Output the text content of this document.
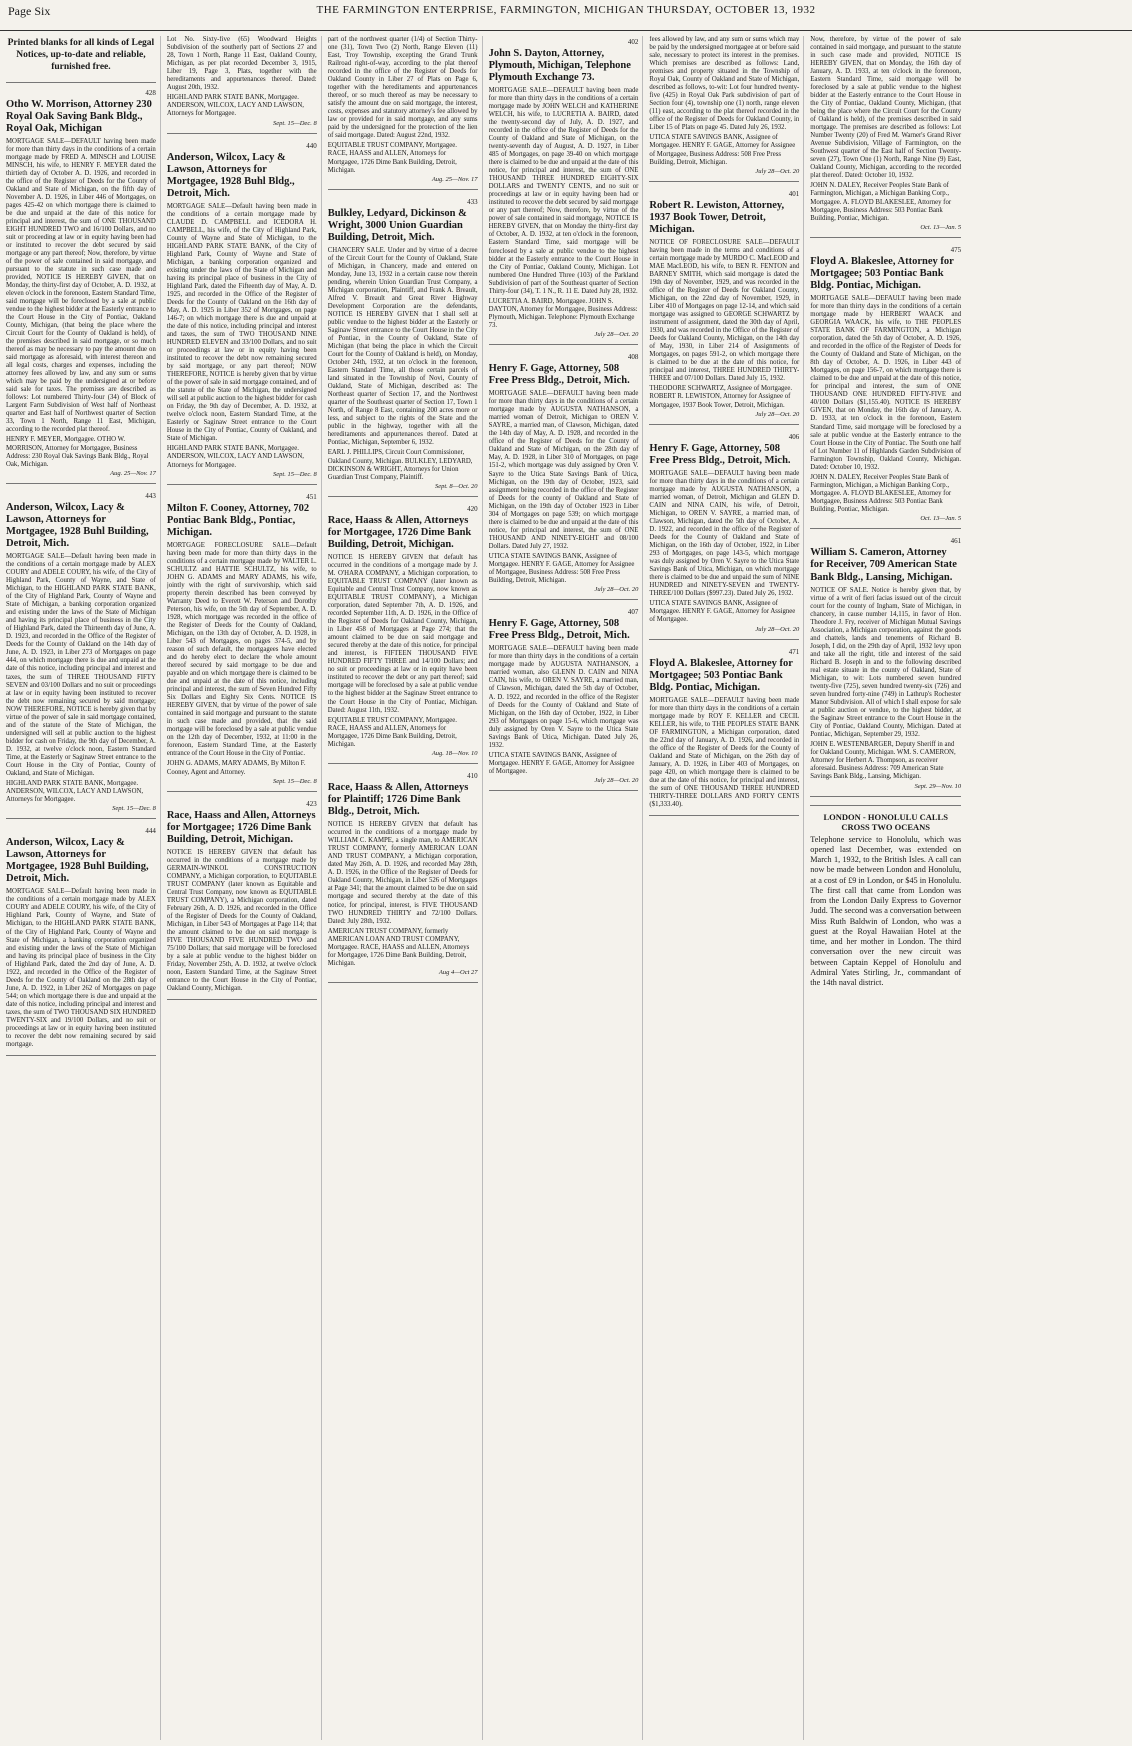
Page Six	THE FARMINGTON ENTERPRISE, FARMINGTON, MICHIGAN THURSDAY, OCTOBER 13, 1932
Printed blanks for all kinds of Legal Notices, up-to-date and reliable, furnished free.
428
Otho W. Morrison, Attorney 230 Royal Oak Saving Bank Bldg., Royal Oak, Michigan

MORTGAGE SALE—DEFAULT having been made for more than thirty days in the conditions of a certain mortgage made by FRED A. MINSCH and LOUISE MINSCH, his wife, to HENRY F. MEYER dated the thirtieth day of October A. D. 1926, and recorded in the office of the Register of Deeds for the County of Oakland and State of Michigan, on the fifth day of November A. D. 1926, in Liber 446 of Mortgages, on pages 425-42 on which mortgage there is claimed to be due and unpaid at the date of this notice for principal and interest, the sum of ONE THOUSAND EIGHT HUNDRED TWO and 16/100 Dollars, and no suit or proceeding at law or in equity having been had or instituted to recover the debt secured by said mortgage or any part thereof; Now, therefore, by virtue of the power of sale contained in said mortgage, and pursuant to the statute in such case made and provided, NOTICE IS HEREBY GIVEN, that on Monday, the thirty-first day of October, A. D. 1932, at eleven o'clock in the forenoon, Eastern Standard Time, said mortgage will be foreclosed by a sale at public vendue to the highest bidder at the Easterly entrance to the Court House in the City of Pontiac, Oakland County, Michigan, (that being the place where the Circuit Court for the County of Oakland is held), of the premises described in said mortgage, or so much thereof as may be necessary to pay the amount due on said mortgage as aforesaid, with interest thereon and all legal costs, charges and expenses, including the attorney fees allowed by law, and any sum or sums which may be paid by the undersigned at or before said sale for taxes. The premises are described as follows: Lot numbered Thirty-four (34) of Block of Largent Farm Subdivision of West half of Northeast quarter and East half of Northwest quarter of Section 33, Town 1 North, Range 11 East, Michigan, according to the recorded plat thereof.

HENRY F. MEYER, Mortgagee. OTHO W. MORRISON, Attorney for Mortgagee, Business Address: 230 Royal Oak Savings Bank Bldg., Royal Oak, Michigan.
Aug. 25—Nov. 17
443
Anderson, Wilcox, Lacy & Lawson, Attorneys for Mortgagee, 1928 Buhl Building, Detroit, Mich.

MORTGAGE SALE—Default having been made in the conditions of a certain mortgage made by ALEX COURY and ADELE COURY, his wife, of the City of Highland Park, County of Wayne, and State of Michigan, to the HIGHLAND PARK STATE BANK, of the City of Highland Park, County of Wayne and State of Michigan, a banking corporation organized and existing under the laws of the State of Michigan and having its principal place of business in the City of Highland Park, dated the Thirteenth day of June, A. D. 1923, and recorded in the Office of the Register of Deeds for the County of Oakland on the 14th day of June, A. D. 1923, in Liber 273 of Mortgages on page 444, on which mortgage there is due and unpaid at the date of this notice, including principal and interest and taxes, the sum of THREE THOUSAND FIFTY SEVEN and 03/100 Dollars and no suit or proceedings at law or in equity having been instituted to recover the debt now remaining secured by said mortgage; NOW THEREFORE, NOTICE is hereby given that by virtue of the power of sale in said mortgage contained, and of the statute of the State of Michigan, the undersigned will sell at public auction to the highest bidder for cash on Friday, the 9th day of December, A. D. 1932, at twelve o'clock noon, Eastern Standard Time, at the Easterly or Saginaw Street entrance to the Court House in the City of Pontiac, County of Oakland, and State of Michigan.

HIGHLAND PARK STATE BANK, Mortgagee. ANDERSON, WILCOX, LACY AND LAWSON, Attorneys for Mortgagee.
Sept. 15—Dec. 8
444
Anderson, Wilcox, Lacy & Lawson, Attorneys for Mortgagee, 1928 Buhl Building, Detroit, Mich.

MORTGAGE SALE—Default having been made in the conditions of a certain mortgage made by ALEX COURY and ADELE COURY, his wife, of the City of Highland Park, County of Wayne, and State of Michigan, to the HIGHLAND PARK STATE BANK, of the City of Highland Park, County of Wayne and State of Michigan, a banking corporation organized and existing under the laws of the State of Michigan and having its principal place of business in the City of Highland Park, dated the 2nd day of June, A. D. 1922, and recorded in the Office of the Register of Deeds for the County of Oakland on the 28th day of June, A. D. 1922, in Liber 262 of Mortgages on page 544; on which mortgage there is due and unpaid at the date of this notice, including principal and interest and taxes, the sum of TWO THOUSAND SIX HUNDRED TWENTY-SIX and 19/100 Dollars, and no suit or proceedings at law or in equity having been instituted to recover the debt now remaining secured by said mortgage.

Lot No. Sixty-five (65) Woodward Heights Subdivision of the southerly part of Sections 27 and 28, Town 1 North, Range 11 East, Oakland County, Michigan, as per plat recorded December 3, 1915, Liber 19, Page 3, Plats, together with the hereditaments and appurtenances thereof. Dated: August 20th, 1932.

HIGHLAND PARK STATE BANK, Mortgagee. ANDERSON, WILCOX, LACY AND LAWSON, Attorneys for Mortgagee.
Sept. 15—Dec. 8
440
Anderson, Wilcox, Lacy & Lawson, Attorneys for Mortgagee, 1928 Buhl Bldg., Detroit, Mich.

MORTGAGE SALE—Default having been made in the conditions of a certain mortgage made by CLAUDE D. CAMPBELL and ICEDORA H. CAMPBELL, his wife, of the City of Highland Park, County of Wayne and State of Michigan, to the HIGHLAND PARK STATE BANK, of the City of Highland Park, County of Wayne and State of Michigan, a banking corporation organized and existing under the laws of the State of Michigan and having its principal place of business in the City of Highland Park, dated the Fifteenth day of May, A. D. 1925, and recorded in the Office of the Register of Deeds for the County of Oakland on the 16th day of May, A. D. 1925 in Liber 352 of Mortgages, on page 146-7; on which mortgage there is due and unpaid at the date of this notice, including principal and interest and taxes, the sum of TWO THOUSAND NINE HUNDRED ELEVEN and 33/100 Dollars, and no suit or proceedings at law or in equity having been instituted to recover the debt now remaining secured by said mortgage, or any part thereof; NOW THEREFORE, NOTICE is hereby given that by virtue of the power of sale in said mortgage contained, and of the statute of the State of Michigan, the undersigned will sell at public auction to the highest bidder for cash on Friday, the 9th day of December, A. D. 1932, at twelve o'clock noon, Eastern Standard Time, at the Easterly or Saginaw Street entrance to the Court House in the City of Pontiac, County of Oakland, and State of Michigan.

HIGHLAND PARK STATE BANK, Mortgagee. ANDERSON, WILCOX, LACY AND LAWSON, Attorneys for Mortgagee.
Sept. 15—Dec. 8
451
Milton F. Cooney, Attorney, 702 Pontiac Bank Bldg., Pontiac, Michigan.

MORTGAGE FORECLOSURE SALE—Default having been made for more than thirty days in the conditions of a certain mortgage made by WALTER L. SCHULTZ and HATTIE SCHULTZ, his wife, to JOHN G. ADAMS and MARY ADAMS, his wife, jointly with the right of survivorship, which said property therein described has been conveyed by Warranty Deed to Everett W. Peterson and Dorothy Peterson, his wife, on the 5th day of September, A. D. 1928, which mortgage was recorded in the office of the Register of Deeds for the County of Oakland, Michigan, on the 13th day of October, A. D. 1928, in Liber 543 of Mortgages, on pages 374-5, and by reason of such default, the mortgagees have elected and do hereby elect to declare the whole amount thereof secured by said mortgage to be due and payable and on which mortgage there is claimed to be due and unpaid at the date of this notice, including principal and interest, the sum of Seven Hundred Fifty Six Dollars and Eighty Six Cents. NOTICE IS HEREBY GIVEN, that by virtue of the power of sale contained in said mortgage and pursuant to the statute in such case made and provided, that the said mortgage will be foreclosed by a sale at public vendue on the 12th day of December, 1932, at 11:00 in the forenoon, Eastern Standard Time, at the Easterly entrance of the Court House in the City of Pontiac.

JOHN G. ADAMS, MARY ADAMS, By Milton F. Cooney, Agent and Attorney.
Sept. 15—Dec. 8
423
Race, Haass and Allen, Attorneys for Mortgagee; 1726 Dime Bank Building, Detroit, Michigan.

NOTICE IS HEREBY GIVEN that default has occurred in the conditions of a mortgage made by GERMAIN-WINKOL CONSTRUCTION COMPANY, a Michigan corporation, to EQUITABLE TRUST COMPANY (later known as Equitable and Central Trust Company, now known as EQUITABLE TRUST COMPANY), a Michigan corporation, dated February 26th, A. D. 1926, and recorded in the Office of the Register of Deeds for the County of Oakland, Michigan, in Liber 543 of Mortgages at Page 114; that the amount claimed to be due on said mortgage is FIVE THOUSAND FIVE HUNDRED TWO and 75/100 Dollars; that said mortgage will be foreclosed by a sale at public vendue to the highest bidder on Friday, November 25th, A. D. 1932, at twelve o'clock noon, Eastern Standard Time, at the Saginaw Street entrance to the Court House in the City of Pontiac, Oakland County, Michigan.

part of the northwest quarter (1/4) of Section Thirty-one (31), Town Two (2) North, Range Eleven (11) East, Troy Township, excepting the Grand Trunk Railroad right-of-way, according to the plat thereof recorded in the office of the Register of Deeds for Oakland County in Liber 27 of Plats on Page 6, together with the hereditaments and appurtenances thereof, or so much thereof as may be necessary to satisfy the amount due on said mortgage, the interest, costs, expenses and statutory attorney's fee allowed by law or provided for in said mortgage, and any sums paid by the undersigned for the protection of the lien of said mortgage. Dated: August 22nd, 1932.

EQUITABLE TRUST COMPANY, Mortgagee. RACE, HAASS and ALLEN, Attorneys for Mortgagee, 1726 Dime Bank Building, Detroit, Michigan.
Aug. 25—Nov. 17
433
Bulkley, Ledyard, Dickinson & Wright, 3000 Union Guardian Building, Detroit, Mich.

CHANCERY SALE. Under and by virtue of a decree of the Circuit Court for the County of Oakland, State of Michigan, in Chancery, made and entered on Monday, June 13, 1932 in a certain cause now therein pending, wherein Union Guardian Trust Company, a Michigan corporation, Plaintiff, and Frank A. Breault, Alfred V. Breault and Great River Highway Development Corporation are the defendants, NOTICE IS HEREBY GIVEN that I shall sell at public vendue to the highest bidder at the Easterly or Saginaw Street entrance to the Court House in the City of Pontiac, in the County of Oakland, State of Michigan (that being the place in which the Circuit Court for the County of Oakland is held), on Monday, October 24th, 1932, at ten o'clock in the forenoon, Eastern Standard Time, all those certain parcels of land situated in the Township of Novi, County of Oakland, State of Michigan, described as: The Northeast quarter of Section 17, and the Northwest quarter of the Southeast quarter of Section 17, Town 1 North, of Range 8 East, containing 200 acres more or less, and subject to the rights of the State and the public in the highway, together with all the hereditaments and appurtenances thereof. Dated at Pontiac, Michigan, September 6, 1932.

EARL J. PHILLIPS, Circuit Court Commissioner, Oakland County, Michigan. BULKLEY, LEDYARD, DICKINSON & WRIGHT, Attorneys for Union Guardian Trust Company, Plaintiff.
Sept. 8—Oct. 20
420
Race, Haass & Allen, Attorneys for Mortgagee, 1726 Dime Bank Building, Detroit, Michigan.

NOTICE IS HEREBY GIVEN that default has occurred in the conditions of a mortgage made by J. M. O'HARA COMPANY, a Michigan corporation, to EQUITABLE TRUST COMPANY (later known as Equitable and Central Trust Company, now known as EQUITABLE TRUST COMPANY), a Michigan corporation, dated September 7th, A. D. 1926, and recorded September 11th, A. D. 1926, in the Office of the Register of Deeds for Oakland County, Michigan, in Liber 458 of Mortgages at Page 274; that the amount claimed to be due on said mortgage and secured thereby at the date of this notice, for principal and interest, is FIFTEEN THOUSAND FIVE HUNDRED FIFTY THREE and 14/100 Dollars; and no suit or proceedings at law or in equity have been instituted to recover the debt or any part thereof; said mortgage will be foreclosed by a sale at public vendue to the highest bidder at the Saginaw Street entrance to the Court House in the City of Pontiac, Michigan. Dated: August 11th, 1932.

EQUITABLE TRUST COMPANY, Mortgagee. RACE, HAASS and ALLEN, Attorneys for Mortgagee, 1726 Dime Bank Building, Detroit, Michigan.
Aug. 18—Nov. 10
410
Race, Haass & Allen, Attorneys for Plaintiff; 1726 Dime Bank Bldg., Detroit, Mich.

NOTICE IS HEREBY GIVEN that default has occurred in the conditions of a mortgage made by WILLIAM C. KAMPE, a single man, to AMERICAN TRUST COMPANY, formerly AMERICAN LOAN AND TRUST COMPANY, a Michigan corporation, dated May 26th, A. D. 1926, and recorded May 28th, A. D. 1926, in the Office of the Register of Deeds for Oakland County, Michigan, in Liber 526 of Mortgages at Page 341; that the amount claimed to be due on said mortgage and secured thereby at the date of this notice, for principal, interest, is FIVE THOUSAND TWO HUNDRED THIRTY and 72/100 Dollars. Dated: July 28th, 1932.

AMERICAN TRUST COMPANY, formerly AMERICAN LOAN AND TRUST COMPANY, Mortgagee. RACE, HAASS and ALLEN, Attorneys for Mortgagee, 1726 Dime Bank Building, Detroit, Michigan.
Aug 4—Oct 27
402
John S. Dayton, Attorney, Plymouth, Michigan, Telephone Plymouth Exchange 73.

MORTGAGE SALE—DEFAULT having been made for more than thirty days in the conditions of a certain mortgage made by JOHN WELCH and KATHERINE WELCH, his wife, to LUCRETIA A. BAIRD, dated the twenty-second day of July, A. D. 1927, and recorded in the office of the Register of Deeds for the County of Oakland and State of Michigan, on the twenty-seventh day of August, A. D. 1927, in Liber 485 of Mortgages, on page 39-40 on which mortgage there is claimed to be due and unpaid at the date of this notice, for principal and interest, the sum of ONE THOUSAND THREE HUNDRED EIGHTY-SIX DOLLARS and TWENTY CENTS, and no suit or proceedings at law or in equity having been had or instituted to recover the debt secured by said mortgage or any part thereof; Now, therefore, by virtue of the power of sale contained in said mortgage, NOTICE IS HEREBY GIVEN, that on Monday the thirty-first day of October, A. D. 1932, at ten o'clock in the forenoon, Eastern Standard Time, said mortgage will be foreclosed by a sale at public vendue to the highest bidder at the Easterly entrance to the Court House in the City of Pontiac, Oakland County, Michigan. Lot numbered One Hundred Three (103) of the Parkland Subdivision of part of the Southeast quarter of Section Thirty-four (34), T. 1 N., R. 11 E. Dated July 28, 1932.

LUCRETIA A. BAIRD, Mortgagee. JOHN S. DAYTON, Attorney for Mortgagee, Business Address: Plymouth, Michigan. Telephone: Plymouth Exchange 73.
July 28—Oct. 20
408
Henry F. Gage, Attorney, 508 Free Press Bldg., Detroit, Mich.

MORTGAGE SALE—DEFAULT having been made for more than thirty days in the conditions of a certain mortgage made by AUGUSTA NATHANSON, a married woman of Detroit, Michigan to OREN V. SAYRE, a married man, of Clawson, Michigan, dated the 14th day of May, A. D. 1928, and recorded in the office of the Register of Deeds for the County of Oakland and State of Michigan, on the 28th day of May, A. D. 1928, in Liber 310 of Mortgages, on page 151-2, which mortgage was duly assigned by Oren V. Sayre to the Utica State Savings Bank of Utica, Michigan, on the 19th day of October, 1923, said assignment being recorded in the office of the Register of Deeds for the county of Oakland and State of Michigan, on the 19th day of October 1923 in Liber 304 of Mortgages on page 539; on which mortgage there is claimed to be due and unpaid at the date of this notice, for principal and interest, the sum of ONE THOUSAND AND NINETY-EIGHT and 08/100 Dollars. Dated July 27, 1932.

UTICA STATE SAVINGS BANK, Assignee of Mortgagee. HENRY F. GAGE, Attorney for Assignee of Mortgagee, Business Address: 508 Free Press Building, Detroit, Michigan.
July 28—Oct. 20
407
Henry F. Gage, Attorney, 508 Free Press Bldg., Detroit, Mich.

MORTGAGE SALE—DEFAULT having been made for more than thirty days in the conditions of a certain mortgage made by AUGUSTA NATHANSON, a married woman, also GLENN D. CAIN and NINA CAIN, his wife, to OREN V. SAYRE, a married man, of Clawson, Michigan, dated the 5th day of October, A. D. 1922, and recorded in the office of the Register of Deeds for the County of Oakland and State of Michigan, on the 16th day of October, 1922, in Liber 293 of Mortgages on page 15-6, which mortgage was duly assigned by Oren V. Sayre to the Utica State Savings Bank of Utica, Michigan. Dated July 26, 1932.

UTICA STATE SAVINGS BANK, Assignee of Mortgagee. HENRY F. GAGE, Attorney for Assignee of Mortgagee.
July 28—Oct. 20

fees allowed by law, and any sum or sums which may be paid by the undersigned mortgagee at or before said sale, necessary to protect its interest in the premises. Which premises are described as follows: Land, premises and property situated in the Township of Royal Oak, County of Oakland and State of Michigan, described as follows, to-wit: Lot four hundred twenty-five (425) in Royal Oak Park subdivision of part of Section four (4), township one (1) north, range eleven (11) east, according to the plat thereof recorded in the office of the Register of Deeds for Oakland County, in Liber 15 of Plats on page 45. Dated July 26, 1932.

UTICA STATE SAVINGS BANK, Assignee of Mortgagee. HENRY F. GAGE, Attorney for Assignee of Mortgagee, Business Address: 508 Free Press Building, Detroit, Michigan.
July 28—Oct. 20
401
Robert R. Lewiston, Attorney, 1937 Book Tower, Detroit, Michigan.

NOTICE OF FORECLOSURE SALE—DEFAULT having been made in the terms and conditions of a certain mortgage made by MURDO C. MacLEOD and MAE MacLEOD, his wife, to BEN R. FENTON and BARNEY SMITH, which said mortgage is dated the 19th day of November, 1929, and was recorded in the office of the Register of Deeds for Oakland County, Michigan, on the 22nd day of November, 1929, in Liber 410 of Mortgages on page 12-14, and which said mortgage was assigned to GEORGE SCHWARTZ by instrument of assignment, dated the 30th day of April, 1930, and was recorded in the Office of the Register of Deeds for Oakland County, Michigan, on the 14th day of May, 1930, in Liber 214 of Assignments of Mortgages, on pages 591-2, on which mortgage there is claimed to be due at the date of this notice, for principal and interest, THREE HUNDRED THIRTY-THREE and 07/100 Dollars. Dated July 15, 1932.

THEODORE SCHWARTZ, Assignee of Mortgagee. ROBERT R. LEWISTON, Attorney for Assignee of Mortgagee, 1937 Book Tower, Detroit, Michigan.
July 28—Oct. 20
406
Henry F. Gage, Attorney, 508 Free Press Bldg., Detroit, Mich.

MORTGAGE SALE—DEFAULT having been made for more than thirty days in the conditions of a certain mortgage made by AUGUSTA NATHANSON, a married woman, of Detroit, Michigan and GLEN D. CAIN and NINA CAIN, his wife, of Detroit, Michigan, to OREN V. SAYRE, a married man, of Clawson, Michigan, dated the 5th day of October, A. D. 1922, and recorded in the office of the Register of Deeds for the County of Oakland and State of Michigan, on the 16th day of October, 1922, in Liber 293 of Mortgages, on page 143-5, which mortgage was duly assigned by Oren V. Sayre to the Utica State Savings Bank of Utica, Michigan, on which mortgage there is claimed to be due and unpaid the sum of NINE HUNDRED and NINETY-SEVEN and TWENTY-THREE/100 Dollars ($997.23). Dated July 26, 1932.

UTICA STATE SAVINGS BANK, Assignee of Mortgagee. HENRY F. GAGE, Attorney for Assignee of Mortgagee.
July 28—Oct. 20
471
Floyd A. Blakeslee, Attorney for Mortgagee; 503 Pontiac Bank Bldg. Pontiac, Michigan.

MORTGAGE SALE—DEFAULT having been made for more than thirty days in the conditions of a certain mortgage made by ROY F. KELLER and CECIL KELLER, his wife, to THE PEOPLES STATE BANK OF FARMINGTON, a Michigan corporation, dated the 22nd day of January, A. D. 1926, and recorded in the office of the Register of Deeds for the County of Oakland and State of Michigan, on the 26th day of January, A. D. 1926, in Liber 403 of Mortgages, on page 420, on which mortgage there is claimed to be due at the date of this notice, for principal and interest, the sum of ONE THOUSAND THREE HUNDRED THIRTY-THREE DOLLARS AND FORTY CENTS ($1,333.40).

Now, therefore, by virtue of the power of sale contained in said mortgage, and pursuant to the statute in such case made and provided, NOTICE IS HEREBY GIVEN, that on Monday, the 16th day of January, A. D. 1933, at ten o'clock in the forenoon, Eastern Standard Time, said mortgage will be foreclosed by a sale at public vendue to the highest bidder at the Easterly entrance to the Court House in the City of Pontiac, Oakland County, Michigan, (that being the place where the Circuit Court for the County of Oakland is held), of the premises described in said mortgage. The premises are described as follows: Lot Number Twenty (20) of Fred M. Warner's Grand River Avenue Subdivision, Village of Farmington, on the Southwest quarter of the East half of Section Twenty-seven (27), Town One (1) North, Range Nine (9) East, Oakland County, Michigan, according to the recorded plat thereof. Dated: October 10, 1932.

JOHN N. DALEY, Receiver Peoples State Bank of Farmington, Michigan, a Michigan Banking Corp., Mortgagee. A. FLOYD BLAKESLEE, Attorney for Mortgagee, Business Address: 503 Pontiac Bank Building, Pontiac, Michigan.
Oct. 13—Jan. 5
475
Floyd A. Blakeslee, Attorney for Mortgagee; 503 Pontiac Bank Bldg. Pontiac, Michigan.

MORTGAGE SALE—DEFAULT having been made for more than thirty days in the conditions of a certain mortgage made by HERBERT WAACK and GEORGIA WAACK, his wife, to THE PEOPLES STATE BANK OF FARMINGTON, a Michigan corporation, dated the 5th day of October, A. D. 1926, and recorded in the office of the Register of Deeds for the County of Oakland and State of Michigan, on the 8th day of October, A. D. 1926, in Liber 443 of Mortgages, on page 156-7, on which mortgage there is claimed to be due and unpaid at the date of this notice, for principal and interest, the sum of ONE THOUSAND ONE HUNDRED FIFTY-FIVE and 40/100 Dollars ($1,155.40). NOTICE IS HEREBY GIVEN, that on Monday, the 16th day of January, A. D. 1933, at ten o'clock in the forenoon, Eastern Standard Time, said mortgage will be foreclosed by a sale at public vendue at the Easterly entrance to the Court House in the City of Pontiac. The South one half of Lot Number 11 of Highlands Garden Subdivision of Farmington Township, Oakland County, Michigan. Dated: October 10, 1932.

JOHN N. DALEY, Receiver Peoples State Bank of Farmington, Michigan, a Michigan Banking Corp., Mortgagee. A. FLOYD BLAKESLEE, Attorney for Mortgagee, Business Address: 503 Pontiac Bank Building, Pontiac, Michigan.
Oct. 13—Jan. 5
461
William S. Cameron, Attorney for Receiver, 709 American State Bank Bldg., Lansing, Michigan.

NOTICE OF SALE. Notice is hereby given that, by virtue of a writ of fieri facias issued out of the circuit court for the county of Ingham, State of Michigan, in chancery, in cause number 14,115, in favor of Hon. Theodore J. Fry, receiver of Michigan Mutual Savings Association, a Michigan corporation, against the goods and chattels, lands and tenements of Richard B. Joseph, I did, on the 29th day of April, 1932 levy upon and take all the right, title and interest of the said Richard B. Joseph in and to the following described real estate situate in the county of Oakland, State of Michigan, to wit: Lots numbered seven hundred twenty-five (725), seven hundred twenty-six (726) and seven hundred forty-nine (749) in Lathrup's Rochester Manor Subdivision. All of which I shall expose for sale at public auction or vendue, to the highest bidder, at the Saginaw Street entrance to the Court House in the City of Pontiac, Oakland County, Michigan. Dated at Pontiac, Michigan, September 29, 1932.

JOHN E. WESTENBARGER, Deputy Sheriff in and for Oakland County, Michigan. WM. S. CAMERON, Attorney for Herbert A. Thompson, as receiver aforesaid. Business Address: 709 American State Savings Bank Bldg., Lansing, Michigan.
Sept. 29—Nov. 10
LONDON - HONOLULU CALLS CROSS TWO OCEANS
Telephone service to Honolulu, which was opened last December, was extended on March 1, 1932, to the British Isles. A call can now be made between London and Honolulu, at a cost of £9 in London, or $45 in Honolulu. The first call that came from London was from the London Daily Express to Governor Judd. The second was a conversation between Miss Ruth Baldwin of London, who was a guest at the Royal Hawaiian Hotel at the time, and her mother in London. The third conversation over the new circuit was between Captain Keppel of Honolulu and Admiral Yates Stirling, Jr., commandant of the 14th naval district.
